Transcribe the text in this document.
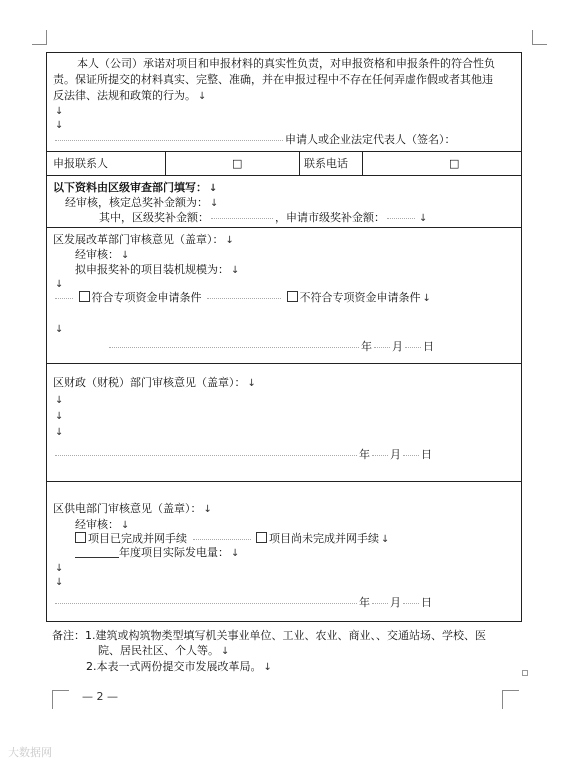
本人（公司）承诺对项目和申报材料的真实性负责，对申报资格和申报条件的符合性负
责。保证所提交的材料真实、完整、准确，并在申报过程中不存在任何弄虚作假或者其他违
反法律、法规和政策的行为。 ↓
↓
↓
申请人或企业法定代表人（签名）：
申报联系人	□	联系电话	□
以下资料由区级审查部门填写： ↓
经审核，核定总奖补金额为： ↓
其中，区级奖补金额：	，申请市级奖补金额：	↓
区发展改革部门审核意见（盖章）： ↓
经审核： ↓
拟申报奖补的项目装机规模为： ↓
↓
符合专项资金申请条件	不符合专项资金申请条件 ↓
↓
年 月 日
区财政（财税）部门审核意见（盖章）： ↓
↓
↓
↓
年 月 日
区供电部门审核意见（盖章）： ↓
经审核： ↓
项目已完成并网手续	项目尚未完成并网手续 ↓
年度项目实际发电量： ↓
↓
↓
年 月 日
备注：1.建筑或构筑物类型填写机关事业单位、工业、农业、商业、、交通站场、学校、医
院、居民社区、个人等。 ↓
2.本表一式两份提交市发展改革局。 ↓
— 2 —
大数据网
